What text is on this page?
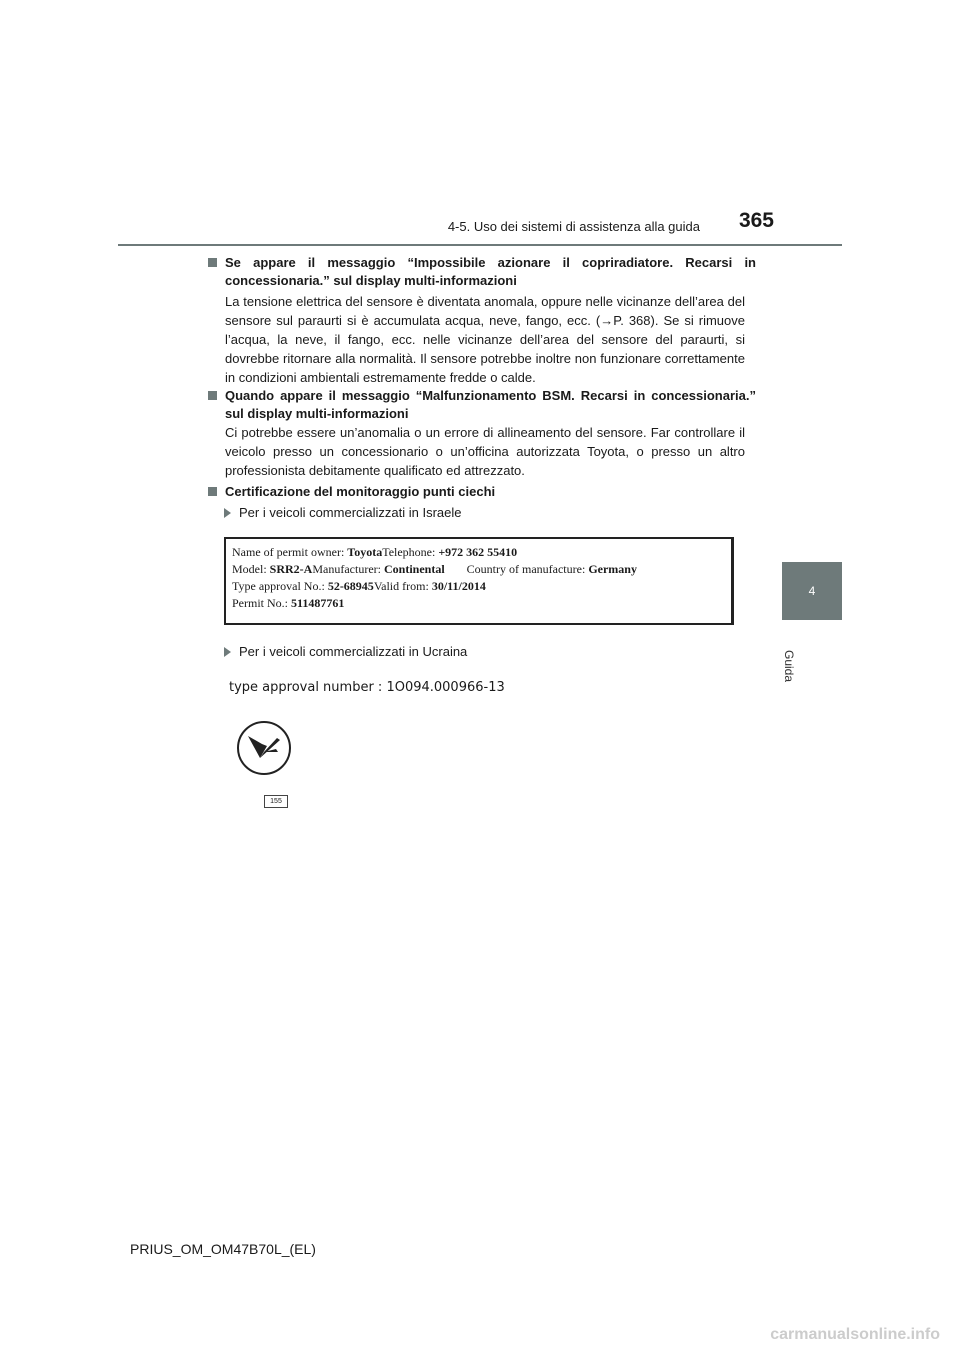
4-5. Uso dei sistemi di assistenza alla guida	365
4
Guida
Se appare il messaggio “Impossibile azionare il copriradiatore. Recarsi in concessionaria.” sul display multi-informazioni
La tensione elettrica del sensore è diventata anomala, oppure nelle vicinanze dell’area del sensore sul paraurti si è accumulata acqua, neve, fango, ecc. (→P. 368). Se si rimuove l’acqua, la neve, il fango, ecc. nelle vicinanze dell’area del sensore del paraurti, si dovrebbe ritornare alla normalità. Il sensore potrebbe inoltre non funzionare correttamente in condizioni ambientali estremamente fredde o calde.
Quando appare il messaggio “Malfunzionamento BSM. Recarsi in concessionaria.” sul display multi-informazioni
Ci potrebbe essere un’anomalia o un errore di allineamento del sensore. Far controllare il veicolo presso un concessionario o un’officina autorizzata Toyota, o presso un altro professionista debitamente qualificato ed attrezzato.
Certificazione del monitoraggio punti ciechi
Per i veicoli commercializzati in Israele
Name of permit owner: ToyotaTelephone: +972 362 55410
Model: SRR2-AManufacturer: Continental Country of manufacture: Germany
Type approval No.: 52-68945Valid from: 30/11/2014
Permit No.: 511487761
Per i veicoli commercializzati in Ucraina
type approval number : 1O094.000966-13
155
PRIUS_OM_OM47B70L_(EL)
carmanualsonline.info
